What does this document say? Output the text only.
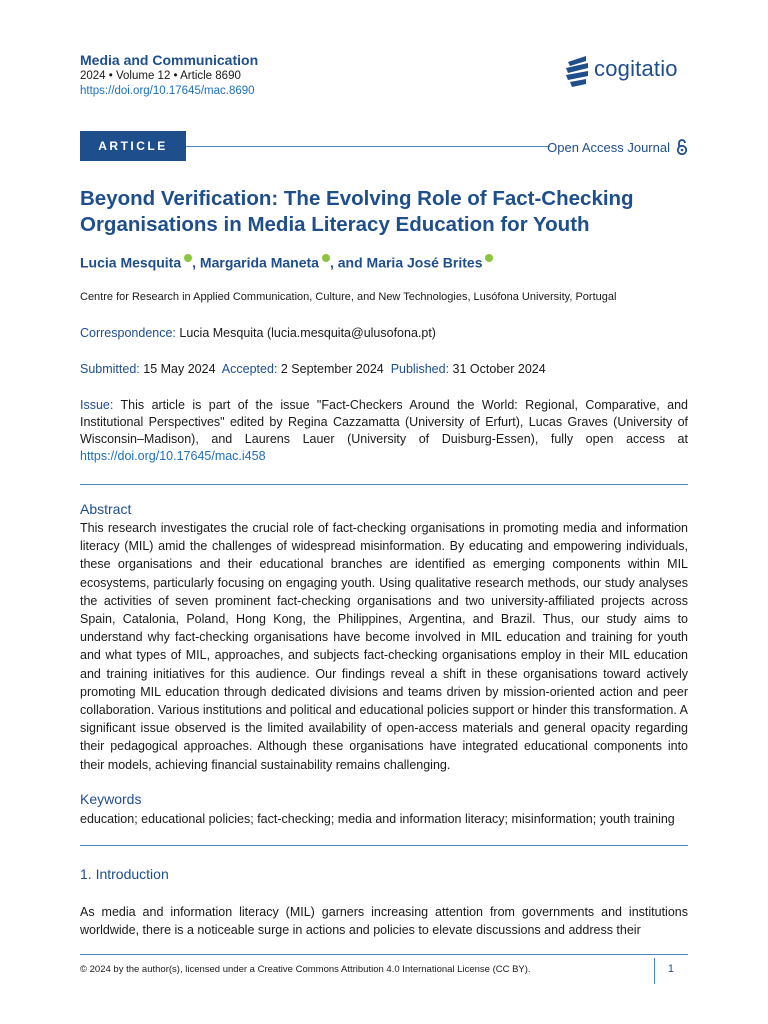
Media and Communication
2024 • Volume 12 • Article 8690
https://doi.org/10.17645/mac.8690
cogitatio
ARTICLE	Open Access Journal
Beyond Verification: The Evolving Role of Fact-Checking Organisations in Media Literacy Education for Youth
Lucia Mesquita , Margarida Maneta , and Maria José Brites
Centre for Research in Applied Communication, Culture, and New Technologies, Lusófona University, Portugal
Correspondence: Lucia Mesquita (lucia.mesquita@ulusofona.pt)
Submitted: 15 May 2024 Accepted: 2 September 2024 Published: 31 October 2024
Issue: This article is part of the issue "Fact-Checkers Around the World: Regional, Comparative, and Institutional Perspectives" edited by Regina Cazzamatta (University of Erfurt), Lucas Graves (University of Wisconsin–Madison), and Laurens Lauer (University of Duisburg-Essen), fully open access at https://doi.org/10.17645/mac.i458
Abstract

This research investigates the crucial role of fact-checking organisations in promoting media and information literacy (MIL) amid the challenges of widespread misinformation. By educating and empowering individuals, these organisations and their educational branches are identified as emerging components within MIL ecosystems, particularly focusing on engaging youth. Using qualitative research methods, our study analyses the activities of seven prominent fact-checking organisations and two university-affiliated projects across Spain, Catalonia, Poland, Hong Kong, the Philippines, Argentina, and Brazil. Thus, our study aims to understand why fact-checking organisations have become involved in MIL education and training for youth and what types of MIL, approaches, and subjects fact-checking organisations employ in their MIL education and training initiatives for this audience. Our findings reveal a shift in these organisations toward actively promoting MIL education through dedicated divisions and teams driven by mission-oriented action and peer collaboration. Various institutions and political and educational policies support or hinder this transformation. A significant issue observed is the limited availability of open-access materials and general opacity regarding their pedagogical approaches. Although these organisations have integrated educational components into their models, achieving financial sustainability remains challenging.

Keywords

education; educational policies; fact-checking; media and information literacy; misinformation; youth training

1. Introduction

As media and information literacy (MIL) garners increasing attention from governments and institutions worldwide, there is a noticeable surge in actions and policies to elevate discussions and address their

© 2024 by the author(s), licensed under a Creative Commons Attribution 4.0 International License (CC BY).	1
